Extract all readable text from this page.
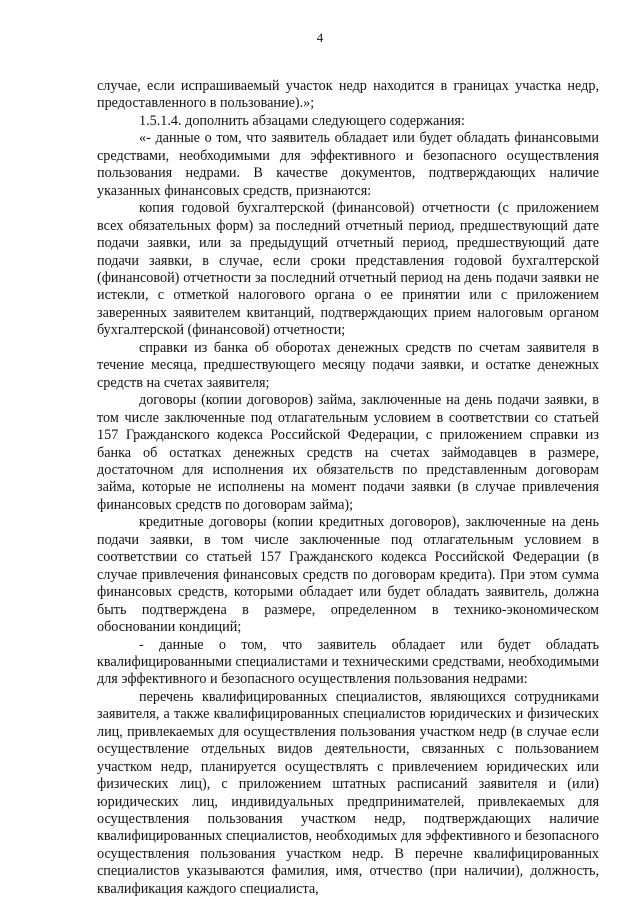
4

случае, если испрашиваемый участок недр находится в границах участка недр, предоставленного в пользование).»;

1.5.1.4. дополнить абзацами следующего содержания:

«- данные о том, что заявитель обладает или будет обладать финансовыми средствами, необходимыми для эффективного и безопасного осуществления пользования недрами. В качестве документов, подтверждающих наличие указанных финансовых средств, признаются:

копия годовой бухгалтерской (финансовой) отчетности (с приложением всех обязательных форм) за последний отчетный период, предшествующий дате подачи заявки, или за предыдущий отчетный период, предшествующий дате подачи заявки, в случае, если сроки представления годовой бухгалтерской (финансовой) отчетности за последний отчетный период на день подачи заявки не истекли, с отметкой налогового органа о ее принятии или с приложением заверенных заявителем квитанций, подтверждающих прием налоговым органом бухгалтерской (финансовой) отчетности;

справки из банка об оборотах денежных средств по счетам заявителя в течение месяца, предшествующего месяцу подачи заявки, и остатке денежных средств на счетах заявителя;

договоры (копии договоров) займа, заключенные на день подачи заявки, в том числе заключенные под отлагательным условием в соответствии со статьей 157 Гражданского кодекса Российской Федерации, с приложением справки из банка об остатках денежных средств на счетах займодавцев в размере, достаточном для исполнения их обязательств по представленным договорам займа, которые не исполнены на момент подачи заявки (в случае привлечения финансовых средств по договорам займа);

кредитные договоры (копии кредитных договоров), заключенные на день подачи заявки, в том числе заключенные под отлагательным условием в соответствии со статьей 157 Гражданского кодекса Российской Федерации (в случае привлечения финансовых средств по договорам кредита). При этом сумма финансовых средств, которыми обладает или будет обладать заявитель, должна быть подтверждена в размере, определенном в технико-экономическом обосновании кондиций;

- данные о том, что заявитель обладает или будет обладать квалифицированными специалистами и техническими средствами, необходимыми для эффективного и безопасного осуществления пользования недрами:

перечень квалифицированных специалистов, являющихся сотрудниками заявителя, а также квалифицированных специалистов юридических и физических лиц, привлекаемых для осуществления пользования участком недр (в случае если осуществление отдельных видов деятельности, связанных с пользованием участком недр, планируется осуществлять с привлечением юридических или физических лиц), с приложением штатных расписаний заявителя и (или) юридических лиц, индивидуальных предпринимателей, привлекаемых для осуществления пользования участком недр, подтверждающих наличие квалифицированных специалистов, необходимых для эффективного и безопасного осуществления пользования участком недр. В перечне квалифицированных специалистов указываются фамилия, имя, отчество (при наличии), должность, квалификация каждого специалиста,
